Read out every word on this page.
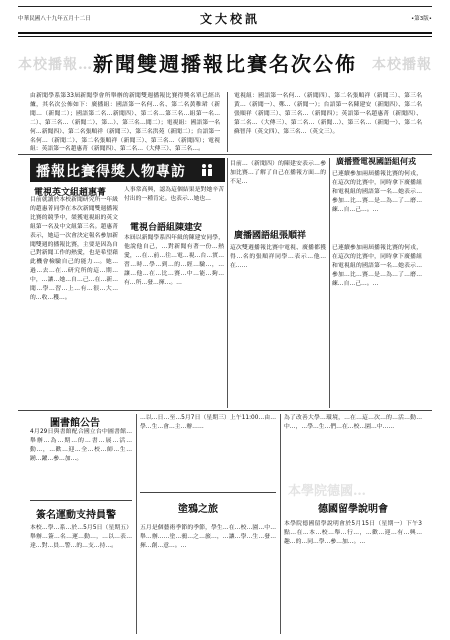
中華民國八十九年五月十二日	文大校訊	•第3版•
本校播報…	本校播報
新聞雙週播報比賽名次公佈
由新聞學系第33屆新聞學會所舉辦的新聞雙週播報比賽得獎名單已經出爐，其名次公佈如下：廣播組：國語第一名何…名、第二名黃稚珺（新聞…（新聞二）；國語第二名…新聞四）、第二名…第三名…組第一名…二）、第三名…（新聞二）、第…）、第三名…聞二）；電視組：國語第一名何…新聞四）、第二名張順祥（新聞三）、第三名洪苑（新聞二）；台語第一名何…（新聞二）、第二名張順祥（新聞三）、第三名…（新聞四）；電視組：英語第一名趙惠菁（新聞四）、第二名…（大傳三）、第三名…。
電視組：國語第一名何…（新聞四）、第二名張順祥（新聞三）、第三名黃…（新聞一）、鄭…（新聞一）；台語第一名陳建安（新聞四）、第二名張順祥（新聞三）、第三名…（新聞四）；英語第一名趙惠菁（新聞四）、第二名…（大傳三）、第二名…（新聞…）、第三名…（新聞一）、第二名蘇智萍（英文四）、第三名…（英文三）。
播報比賽得獎人物專訪
電視英文組趙惠菁
目前就讀於本校新聞研究所一年級的趙惠菁同學在本次新聞雙週播報比賽的競爭中，榮獲電視組的英文組第一名及中文組第三名。趙惠菁表示，她這一次會決定報名參加新聞雙週的播報比賽，主要是因為自己對新聞工作的熱愛，也是希望藉此機會檢驗自己的能力…。她…過…去…在…研究所的這…期…中，…讓…她…自…己…在…新…聞…學…習…上…有…很…大…的…收…穫…。
人事常高興，認為這個結果是對她辛苦付出的一種肯定。也表示…她也…
電視台語組陳建安
本屆以新聞學系四年級的陳建安同學，他說他自己，…對新聞有著一份…熱愛，…在…前…往…電…視…台…實…習…時…學…到…的…經…驗…，…讓…他…在…比…賽…中…能…夠…有…所…發…揮…。…
目前…（新聞四）的陳建安表示…參加比賽…了解了自己在播報方面…的不足…
廣播國語組張順祥
這次雙週播報比賽中電視、廣播都獲得…名的張順祥同學…表示…他…在……
廣播暨電視國語組何戎
已連續參加兩屆播報比賽的何戎，在這次的比賽中，同時拿下廣播組和電視組的國語第一名…她表示…參加…比…賽…是…為…了…磨…練…自…己…。…
已連續參加兩屆播報比賽的何戎，在這次的比賽中，同時拿下廣播組和電視組的國語第一名…她表示…參加…比…賽…是…為…了…磨…練…自…己…。…
圖書館公告
4月29日與書館配合國立台中圖書館…舉辦…為…期…的…書…展…活…動…，…歡…迎…全…校…師…生…踴…躍…參…加…。
簽名運動支持員警
本校…學…系…於…5月5日（星期五）舉辦…簽…名…運…動…，…以…表…達…對…員…警…的…支…持…。
…以…日…至…5月7日（星期三）上午11:00…由…學…生…會…主…辦……
塗鴉之旅
五月是個藝術季節的季節，學生…在…校…園…中…舉…辦……塗…鴉…之…旅…，…讓…學…生…發…揮…創…意…。…
為了改善大學…環境，…在…這…次…的…活…動…中…，…學…生…們…在…校…園…中……
本學院德國…
德國留學說明會
本學院德國留學說明會於5月15日（星期一）下午3點…在…本…校…舉…行…，…歡…迎…有…興…趣…的…同…學…參…加…。…
